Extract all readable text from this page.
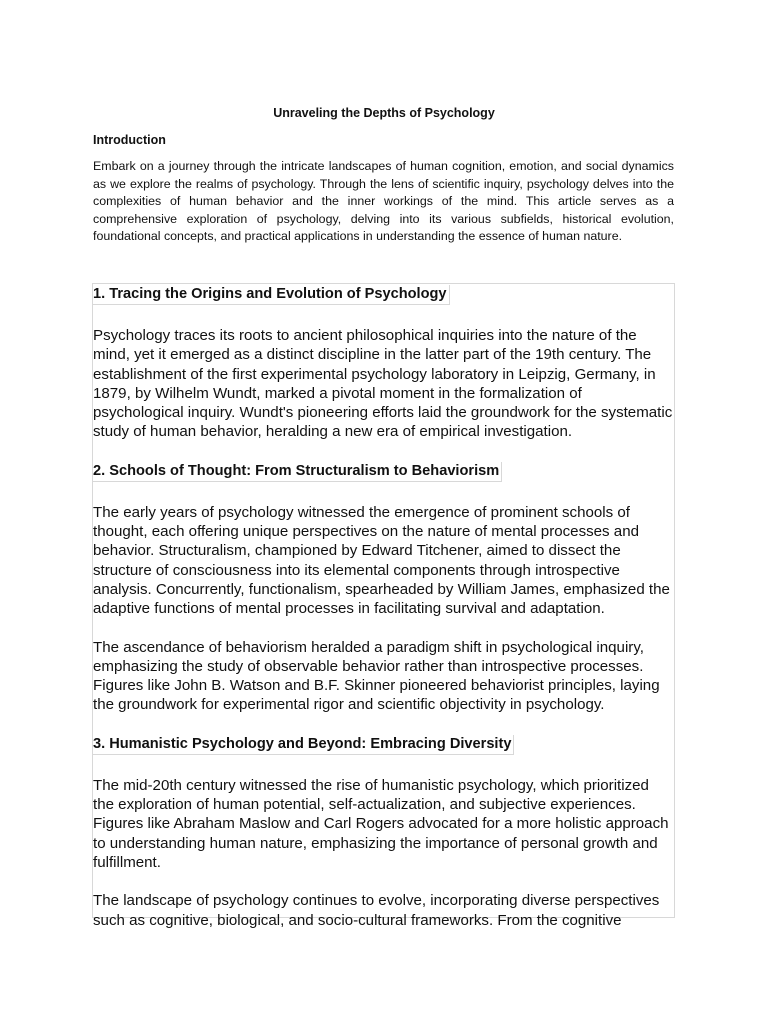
Unraveling the Depths of Psychology
Introduction
Embark on a journey through the intricate landscapes of human cognition, emotion, and social dynamics as we explore the realms of psychology. Through the lens of scientific inquiry, psychology delves into the complexities of human behavior and the inner workings of the mind. This article serves as a comprehensive exploration of psychology, delving into its various subfields, historical evolution, foundational concepts, and practical applications in understanding the essence of human nature.
1. Tracing the Origins and Evolution of Psychology

Psychology traces its roots to ancient philosophical inquiries into the nature of the mind, yet it emerged as a distinct discipline in the latter part of the 19th century. The establishment of the first experimental psychology laboratory in Leipzig, Germany, in 1879, by Wilhelm Wundt, marked a pivotal moment in the formalization of psychological inquiry. Wundt's pioneering efforts laid the groundwork for the systematic study of human behavior, heralding a new era of empirical investigation.

2. Schools of Thought: From Structuralism to Behaviorism

The early years of psychology witnessed the emergence of prominent schools of thought, each offering unique perspectives on the nature of mental processes and behavior. Structuralism, championed by Edward Titchener, aimed to dissect the structure of consciousness into its elemental components through introspective analysis. Concurrently, functionalism, spearheaded by William James, emphasized the adaptive functions of mental processes in facilitating survival and adaptation.

The ascendance of behaviorism heralded a paradigm shift in psychological inquiry, emphasizing the study of observable behavior rather than introspective processes. Figures like John B. Watson and B.F. Skinner pioneered behaviorist principles, laying the groundwork for experimental rigor and scientific objectivity in psychology.

3. Humanistic Psychology and Beyond: Embracing Diversity

The mid-20th century witnessed the rise of humanistic psychology, which prioritized the exploration of human potential, self-actualization, and subjective experiences. Figures like Abraham Maslow and Carl Rogers advocated for a more holistic approach to understanding human nature, emphasizing the importance of personal growth and fulfillment.

The landscape of psychology continues to evolve, incorporating diverse perspectives such as cognitive, biological, and socio-cultural frameworks. From the cognitive
